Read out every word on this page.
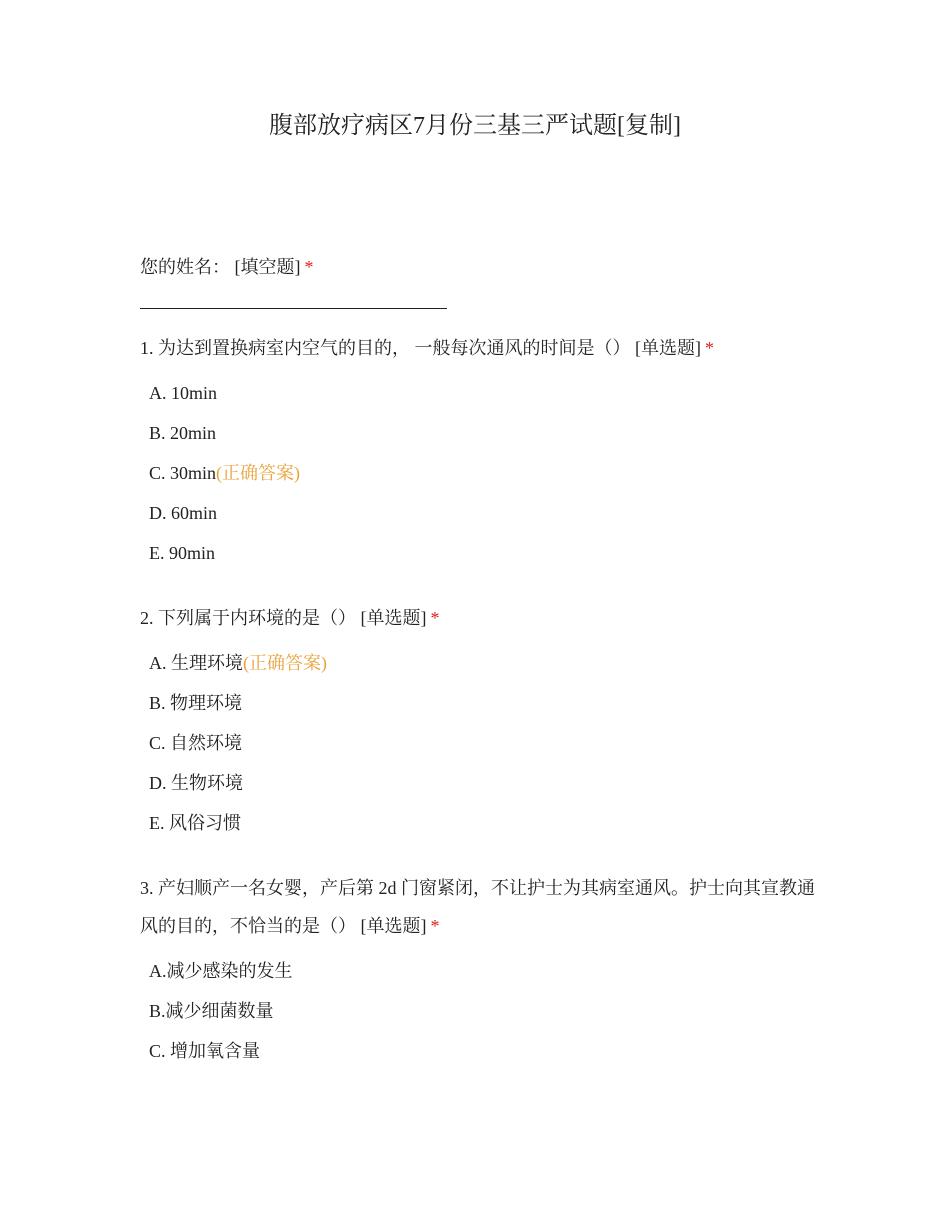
腹部放疗病区7月份三基三严试题[复制]

您的姓名： [填空题] *

1. 为达到置换病室内空气的目的， 一般每次通风的时间是（） [单选题] *

A. 10min
B. 20min
C. 30min(正确答案)
D. 60min
E. 90min

2. 下列属于内环境的是（） [单选题] *

A. 生理环境(正确答案)
B. 物理环境
C. 自然环境
D. 生物环境
E. 风俗习惯

3. 产妇顺产一名女婴，产后第 2d 门窗紧闭，不让护士为其病室通风。护士向其宣教通风的目的，不恰当的是（） [单选题] *

A.减少感染的发生
B.减少细菌数量
C. 增加氧含量
